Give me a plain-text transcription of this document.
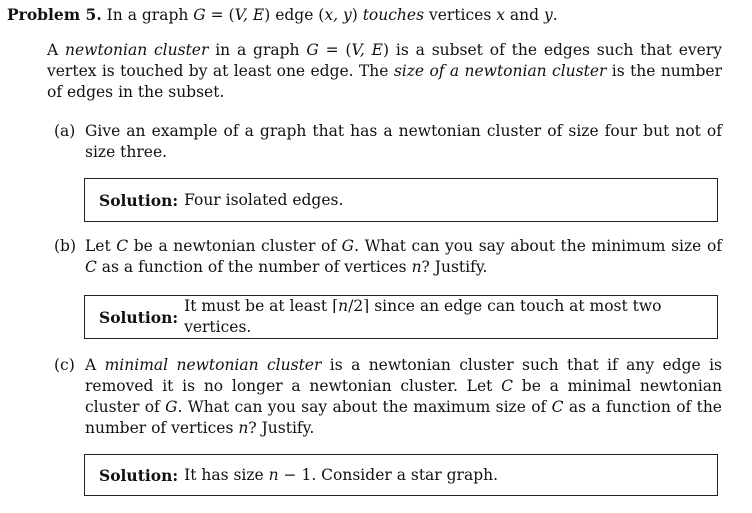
Problem 5. In a graph G = (V, E) edge (x, y) touches vertices x and y.
A newtonian cluster in a graph G = (V, E) is a subset of the edges such that every vertex is touched by at least one edge. The size of a newtonian cluster is the number of edges in the subset.
(a) Give an example of a graph that has a newtonian cluster of size four but not of size three.
Solution: Four isolated edges.
(b) Let C be a newtonian cluster of G. What can you say about the minimum size of C as a function of the number of vertices n? Justify.
Solution:
It must be at least ⌈n/2⌉ since an edge can touch at most two vertices.
(c) A minimal newtonian cluster is a newtonian cluster such that if any edge is removed it is no longer a newtonian cluster. Let C be a minimal newtonian cluster of G. What can you say about the maximum size of C as a function of the number of vertices n? Justify.
Solution: It has size n − 1. Consider a star graph.
